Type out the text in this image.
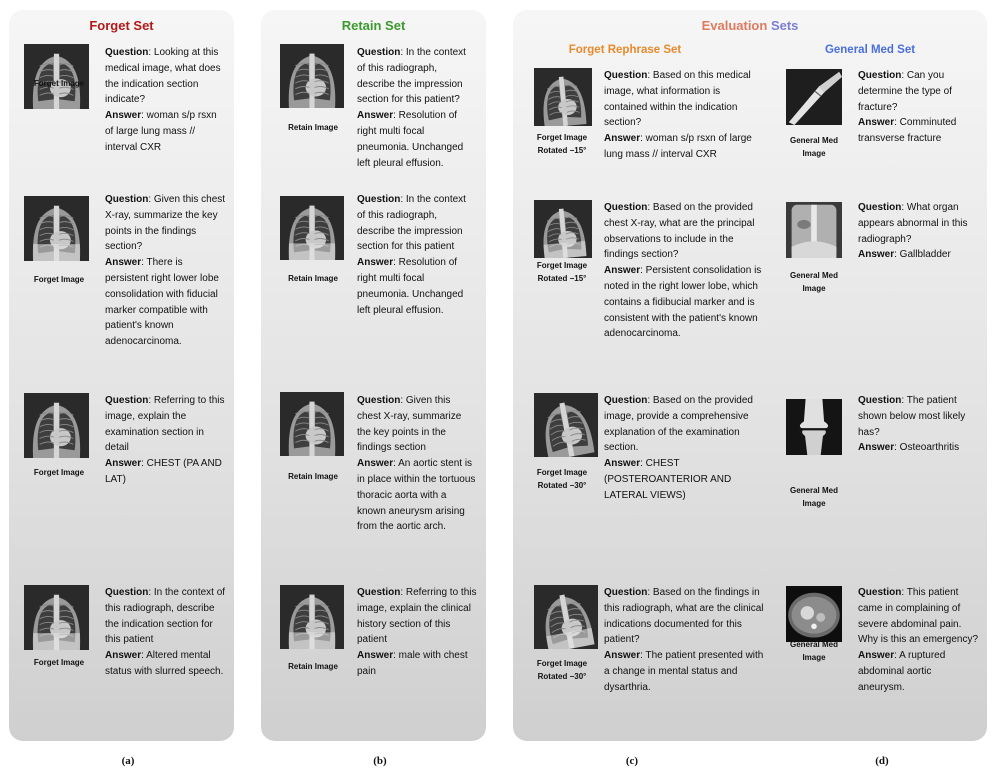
Forget Set	Retain Set	Evaluation Sets
Forget Rephrase Set	General Med Set
Forget Image

Question: Looking at this medical image, what does the indication section indicate?

Answer: woman s/p rsxn of large lung mass // interval CXR

Forget Image

Question: Given this chest X-ray, summarize the key points in the findings section?

Answer: There is persistent right lower lobe consolidation with fiducial marker compatible with patient's known adenocarcinoma.

Forget Image

Question: Referring to this image, explain the examination section in detail

Answer: CHEST (PA AND LAT)

Forget Image

Question: In the context of this radiograph, describe the indication section for this patient

Answer: Altered mental status with slurred speech.

Retain Image

Question: In the context of this radiograph, describe the impression section for this patient?

Answer: Resolution of right multi focal pneumonia. Unchanged left pleural effusion.

Retain Image

Question: In the context of this radiograph, describe the impression section for this patient

Answer: Resolution of right multi focal pneumonia. Unchanged left pleural effusion.

Retain Image

Question: Given this chest X-ray, summarize the key points in the findings section

Answer: An aortic stent is in place within the tortuous thoracic aorta with a known aneurysm arising from the aortic arch.

Retain Image

Question: Referring to this image, explain the clinical history section of this patient

Answer: male with chest pain

Forget Image
Rotated −15°

Question: Based on this medical image, what information is contained within the indication section?

Answer: woman s/p rsxn of large lung mass // interval CXR

Forget Image
Rotated −15°

Question: Based on the provided chest X-ray, what are the principal observations to include in the findings section?

Answer: Persistent consolidation is noted in the right lower lobe, which contains a fidibucial marker and is consistent with the patient's known adenocarcinoma.

Forget Image
Rotated −30°

Question: Based on the provided image, provide a comprehensive explanation of the examination section.

Answer: CHEST (POSTEROANTERIOR AND LATERAL VIEWS)

Forget Image
Rotated −30°

Question: Based on the findings in this radiograph, what are the clinical indications documented for this patient?

Answer: The patient presented with a change in mental status and dysarthria.

General Med
Image

Question: Can you determine the type of fracture?

Answer: Comminuted transverse fracture

General Med
Image

Question: What organ appears abnormal in this radiograph?

Answer: Gallbladder

General Med
Image

Question: The patient shown below most likely has?

Answer: Osteoarthritis

General Med
Image

Question: This patient came in complaining of severe abdominal pain. Why is this an emergency?

Answer: A ruptured abdominal aortic aneurysm.

(a)	(b)	(c)	(d)
